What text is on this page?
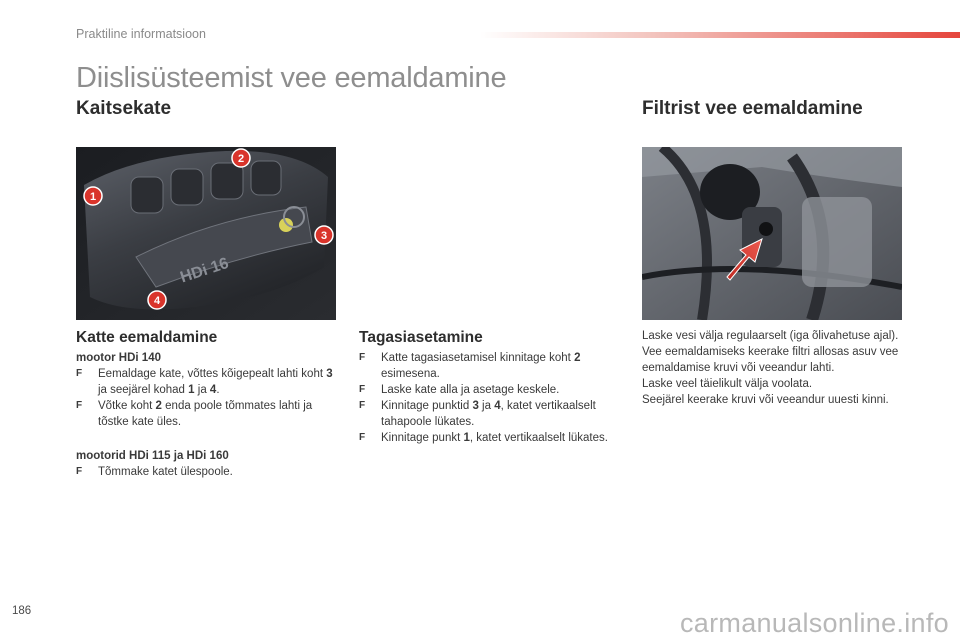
Praktiline informatsioon
Diislisüsteemist vee eemaldamine
Kaitsekate
HDi 16
1
2
3
4
Katte eemaldamine
mootor HDi 140
F Eemaldage kate, võttes kõigepealt lahti koht 3 ja seejärel kohad 1 ja 4.
F Võtke koht 2 enda poole tõmmates lahti ja tõstke kate üles.
mootorid HDi 115 ja HDi 160
F Tõmmake katet ülespoole.
Tagasiasetamine
F Katte tagasiasetamisel kinnitage koht 2 esimesena.
F Laske kate alla ja asetage keskele.
F Kinnitage punktid 3 ja 4, katet vertikaalselt tahapoole lükates.
F Kinnitage punkt 1, katet vertikaalselt lükates.
Filtrist vee eemaldamine
Laske vesi välja regulaarselt (iga õlivahetuse ajal).
Vee eemaldamiseks keerake filtri allosas asuv vee eemaldamise kruvi või veeandur lahti.
Laske veel täielikult välja voolata.
Seejärel keerake kruvi või veeandur uuesti kinni.
186	carmanualsonline.info
